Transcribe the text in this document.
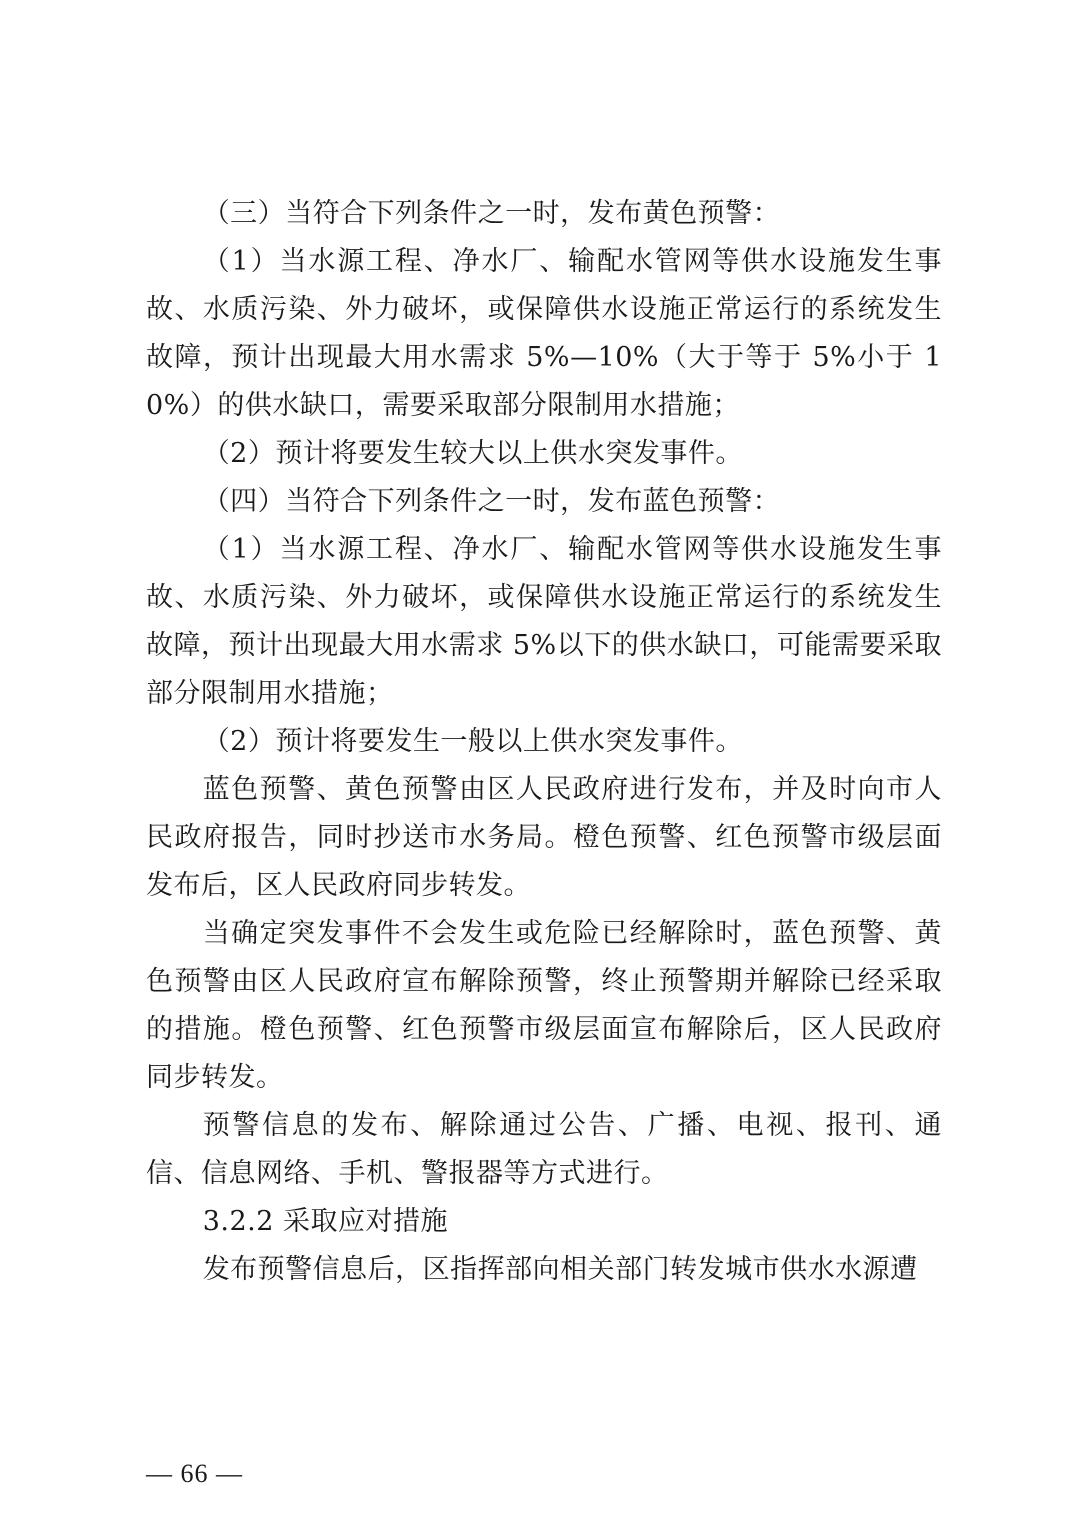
（三）当符合下列条件之一时，发布黄色预警：

（1）当水源工程、净水厂、输配水管网等供水设施发生事故、水质污染、外力破坏，或保障供水设施正常运行的系统发生故障，预计出现最大用水需求 5%—10%（大于等于 5%小于 10%）的供水缺口，需要采取部分限制用水措施；

（2）预计将要发生较大以上供水突发事件。

（四）当符合下列条件之一时，发布蓝色预警：

（1）当水源工程、净水厂、输配水管网等供水设施发生事故、水质污染、外力破坏，或保障供水设施正常运行的系统发生故障，预计出现最大用水需求 5%以下的供水缺口，可能需要采取部分限制用水措施；

（2）预计将要发生一般以上供水突发事件。

蓝色预警、黄色预警由区人民政府进行发布，并及时向市人民政府报告，同时抄送市水务局。橙色预警、红色预警市级层面发布后，区人民政府同步转发。

当确定突发事件不会发生或危险已经解除时，蓝色预警、黄色预警由区人民政府宣布解除预警，终止预警期并解除已经采取的措施。橙色预警、红色预警市级层面宣布解除后，区人民政府同步转发。

预警信息的发布、解除通过公告、广播、电视、报刊、通信、信息网络、手机、警报器等方式进行。

3.2.2 采取应对措施

发布预警信息后，区指挥部向相关部门转发城市供水水源遭

— 66 —
